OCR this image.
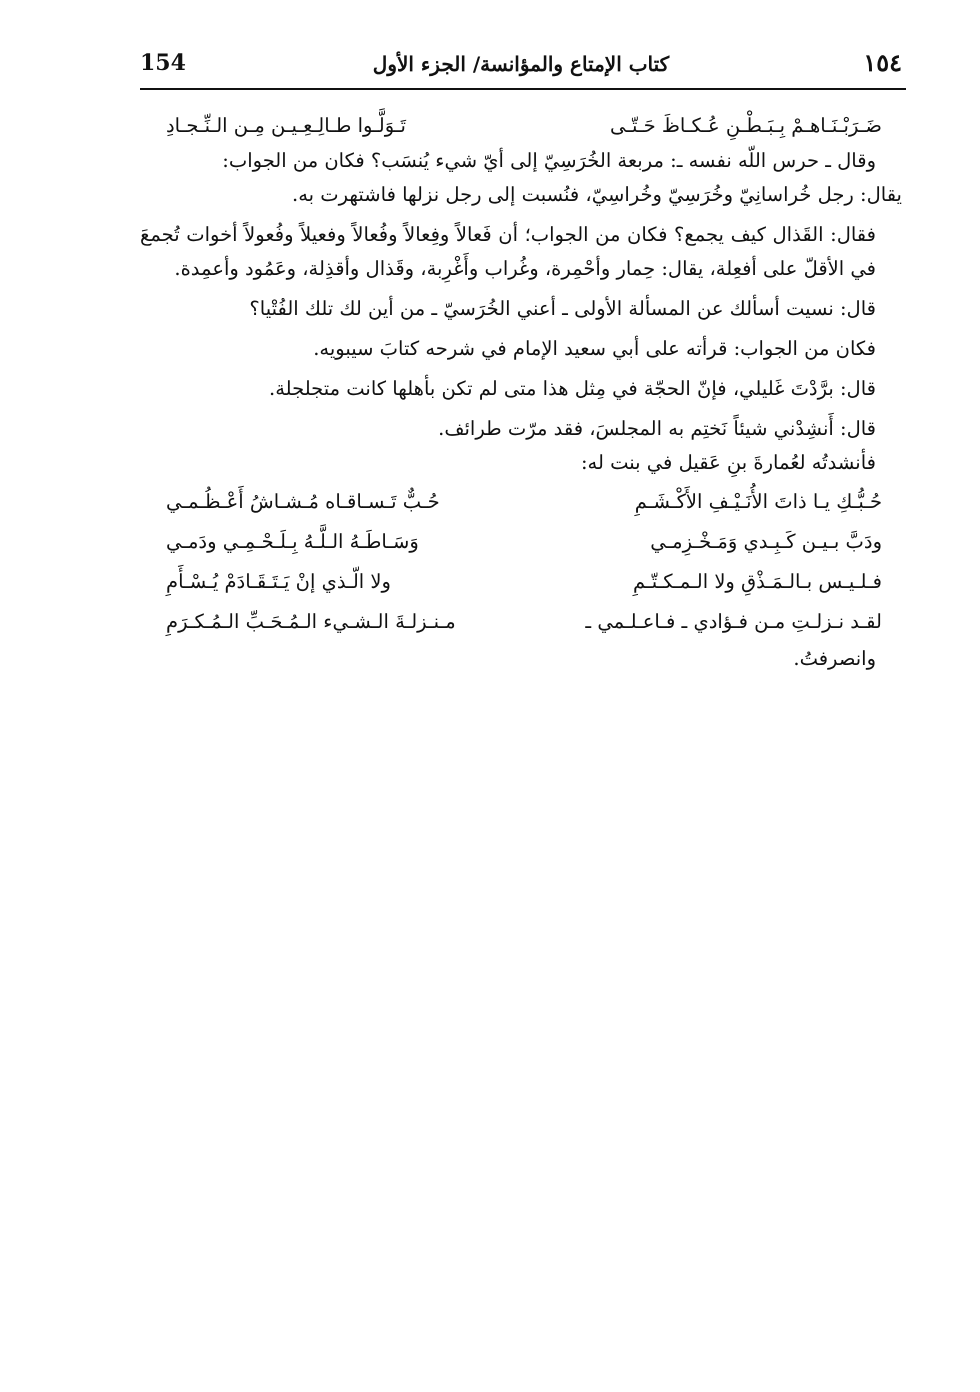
154	كتاب الإمتاع والمؤانسة/ الجزء الأول	١٥٤
ضَـرَبْـنَـاهـمْ بِـبَـطْـنِ عُـكـاظَ حَـتّـى
تَـوَلَّـوا طـالِـعِـيـن مِـن الـنِّـجـادِ

وقال ـ حرس اللّه نفسه ـ: مربعة الخُرَسِيّ إلى أيّ شيء يُنسَب؟ فكان من الجواب:

يقال: رجل خُراسانِيّ وخُرَسِيّ وخُراسِيّ، فنُسبت إلى رجل نزلها فاشتهرت به.

فقال: القَذال كيف يجمع؟ فكان من الجواب؛ أن فَعالاً وفِعالاً وفُعالاً وفعيلاً وفُعولاً أخوات تُجمعَ في الأقلّ على أفعِلة، يقال: حِمار وأحْمِرة، وغُراب وأَغْرِبة، وقَذال وأقذِلة، وعَمُود وأعمِدة.

قال: نسيت أسألك عن المسألة الأولى ـ أعني الخُرَسيّ ـ من أين لك تلك الفُتْيا؟

فكان من الجواب: قرأته على أبي سعيد الإمام في شرحه كتابَ سيبويه.

قال: برَّدْتَ غَليلي، فإنّ الحجّة في مِثل هذا متى لم تكن بأهلها كانت متجلجلة.

قال: أَنشِدْني شيئاً نَختِم به المجلسَ، فقد مرّت طرائف.

فأنشدتُه لعُمارةَ بنِ عَقيل في بنت له:

حُـبُّـكِ يـا ذاتَ الأُنَـيْـفِ الأَكْـشَـمِ
حُـبٌّ تَـسـاقـاه مُـشـاشُ أَعْـظُـمـي
ودَبَّ بـيـن كَـبِـدي وَمَـخْـزِمـي
وَسَـاطَـهُ الـلَّـهُ بِـلَـحْـمِـي ودَمـي
فـلـيـس بـالـمَـذْقِ ولا الـمـكـتّـمِ
ولا الّـذي إنْ يَـتَـقَـادَمْ يُـسْـأَمِ
لقـد نـزلـتِ مـن فـؤادي ـ فـاعـلـمي ـ
مـنـزلـةَ الـشـيء الـمُـحَـبِّ الـمُـكـرَمِ

وانصرفتُ.
